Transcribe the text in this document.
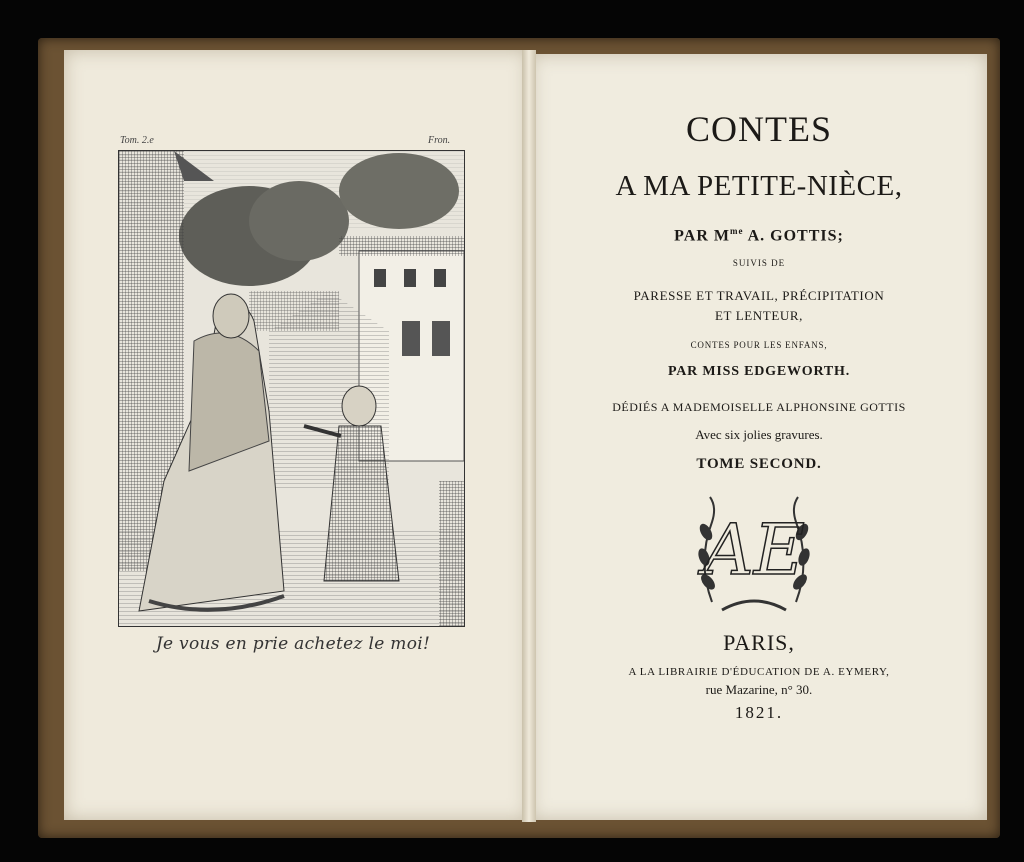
Tom. 2.e	Fron.
Je vous en prie achetez le moi!
CONTES
A MA PETITE-NIÈCE,
PAR $M^{me}$ A. GOTTIS;
SUIVIS DE
PARESSE ET TRAVAIL, PRÉCIPITATION
ET LENTEUR,
CONTES POUR LES ENFANS,
PAR MISS EDGEWORTH.
DÉDIÉS A MADEMOISELLE ALPHONSINE GOTTIS
Avec six jolies gravures.
TOME SECOND.
AE
PARIS,
A LA LIBRAIRIE D'ÉDUCATION DE A. EYMERY,
rue Mazarine, n° 30.
1821.
